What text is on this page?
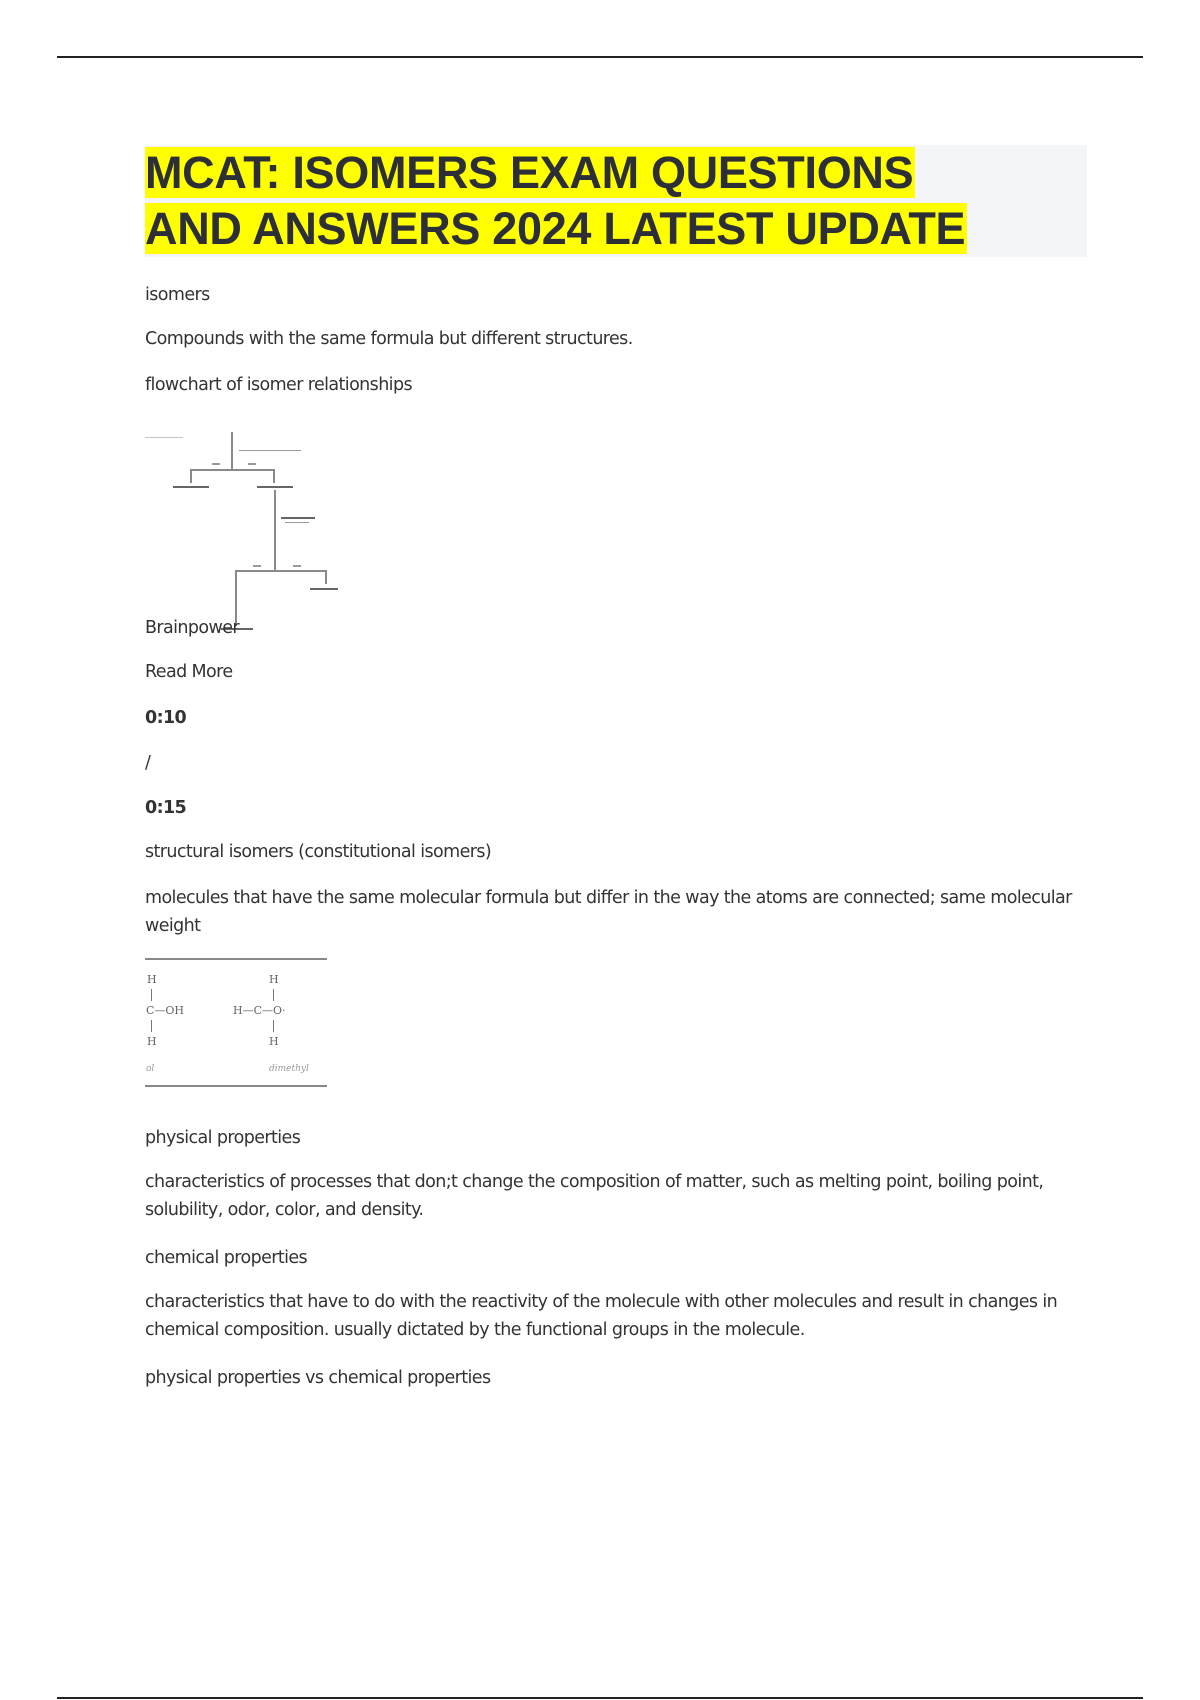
MCAT: ISOMERS EXAM QUESTIONS
AND ANSWERS 2024 LATEST UPDATE
isomers
Compounds with the same formula but different structures.
flowchart of isomer relationships
Brainpower
Read More
0:10
/
0:15
structural isomers (constitutional isomers)
molecules that have the same molecular formula but differ in the way the atoms are connected; same molecular weight
H
C—OH
H
ol
H
H—C—O·
H
dimethyl
physical properties
characteristics of processes that don;t change the composition of matter, such as melting point, boiling point, solubility, odor, color, and density.
chemical properties
characteristics that have to do with the reactivity of the molecule with other molecules and result in changes in chemical composition. usually dictated by the functional groups in the molecule.
physical properties vs chemical properties
